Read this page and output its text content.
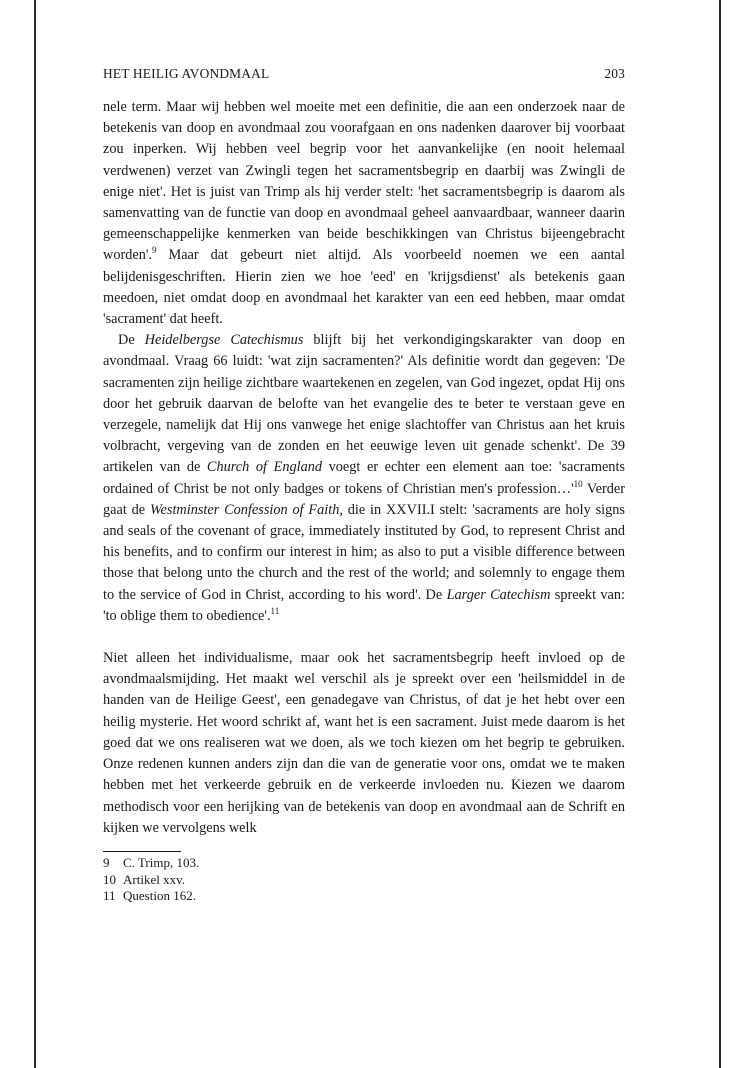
HET HEILIG AVONDMAAL	203

nele term. Maar wij hebben wel moeite met een definitie, die aan een onderzoek naar de betekenis van doop en avondmaal zou voorafgaan en ons nadenken daarover bij voorbaat zou inperken. Wij hebben veel begrip voor het aanvankelijke (en nooit helemaal verdwenen) verzet van Zwingli tegen het sacramentsbegrip en daarbij was Zwingli de enige niet'. Het is juist van Trimp als hij verder stelt: 'het sacramentsbegrip is daarom als samenvatting van de functie van doop en avondmaal geheel aanvaardbaar, wanneer daarin gemeenschappelijke kenmerken van beide beschikkingen van Christus bijeengebracht worden'.$^9$ Maar dat gebeurt niet altijd. Als voorbeeld noemen we een aantal belijdenisgeschriften. Hierin zien we hoe 'eed' en 'krijgsdienst' als betekenis gaan meedoen, niet omdat doop en avondmaal het karakter van een eed hebben, maar omdat 'sacrament' dat heeft.

De Heidelbergse Catechismus blijft bij het verkondigingskarakter van doop en avondmaal. Vraag 66 luidt: 'wat zijn sacramenten?' Als definitie wordt dan gegeven: 'De sacramenten zijn heilige zichtbare waartekenen en zegelen, van God ingezet, opdat Hij ons door het gebruik daarvan de belofte van het evangelie des te beter te verstaan geve en verzegele, namelijk dat Hij ons vanwege het enige slachtoffer van Christus aan het kruis volbracht, vergeving van de zonden en het eeuwige leven uit genade schenkt'. De 39 artikelen van de Church of England voegt er echter een element aan toe: 'sacraments ordained of Christ be not only badges or tokens of Christian men's profession…'$^{10}$ Verder gaat de Westminster Confession of Faith, die in XXVII.I stelt: 'sacraments are holy signs and seals of the covenant of grace, immediately instituted by God, to represent Christ and his benefits, and to confirm our interest in him; as also to put a visible difference between those that belong unto the church and the rest of the world; and solemnly to engage them to the service of God in Christ, according to his word'. De Larger Catechism spreekt van: 'to oblige them to obedience'.$^{11}$

Niet alleen het individualisme, maar ook het sacramentsbegrip heeft invloed op de avondmaalsmijding. Het maakt wel verschil als je spreekt over een 'heilsmiddel in de handen van de Heilige Geest', een genadegave van Christus, of dat je het hebt over een heilig mysterie. Het woord schrikt af, want het is een sacrament. Juist mede daarom is het goed dat we ons realiseren wat we doen, als we toch kiezen om het begrip te gebruiken. Onze redenen kunnen anders zijn dan die van de generatie voor ons, omdat we te maken hebben met het verkeerde gebruik en de verkeerde invloeden nu. Kiezen we daarom methodisch voor een herijking van de betekenis van doop en avondmaal aan de Schrift en kijken we vervolgens welk

9	C. Trimp, 103.
10 Artikel xxv.
11 Question 162.
